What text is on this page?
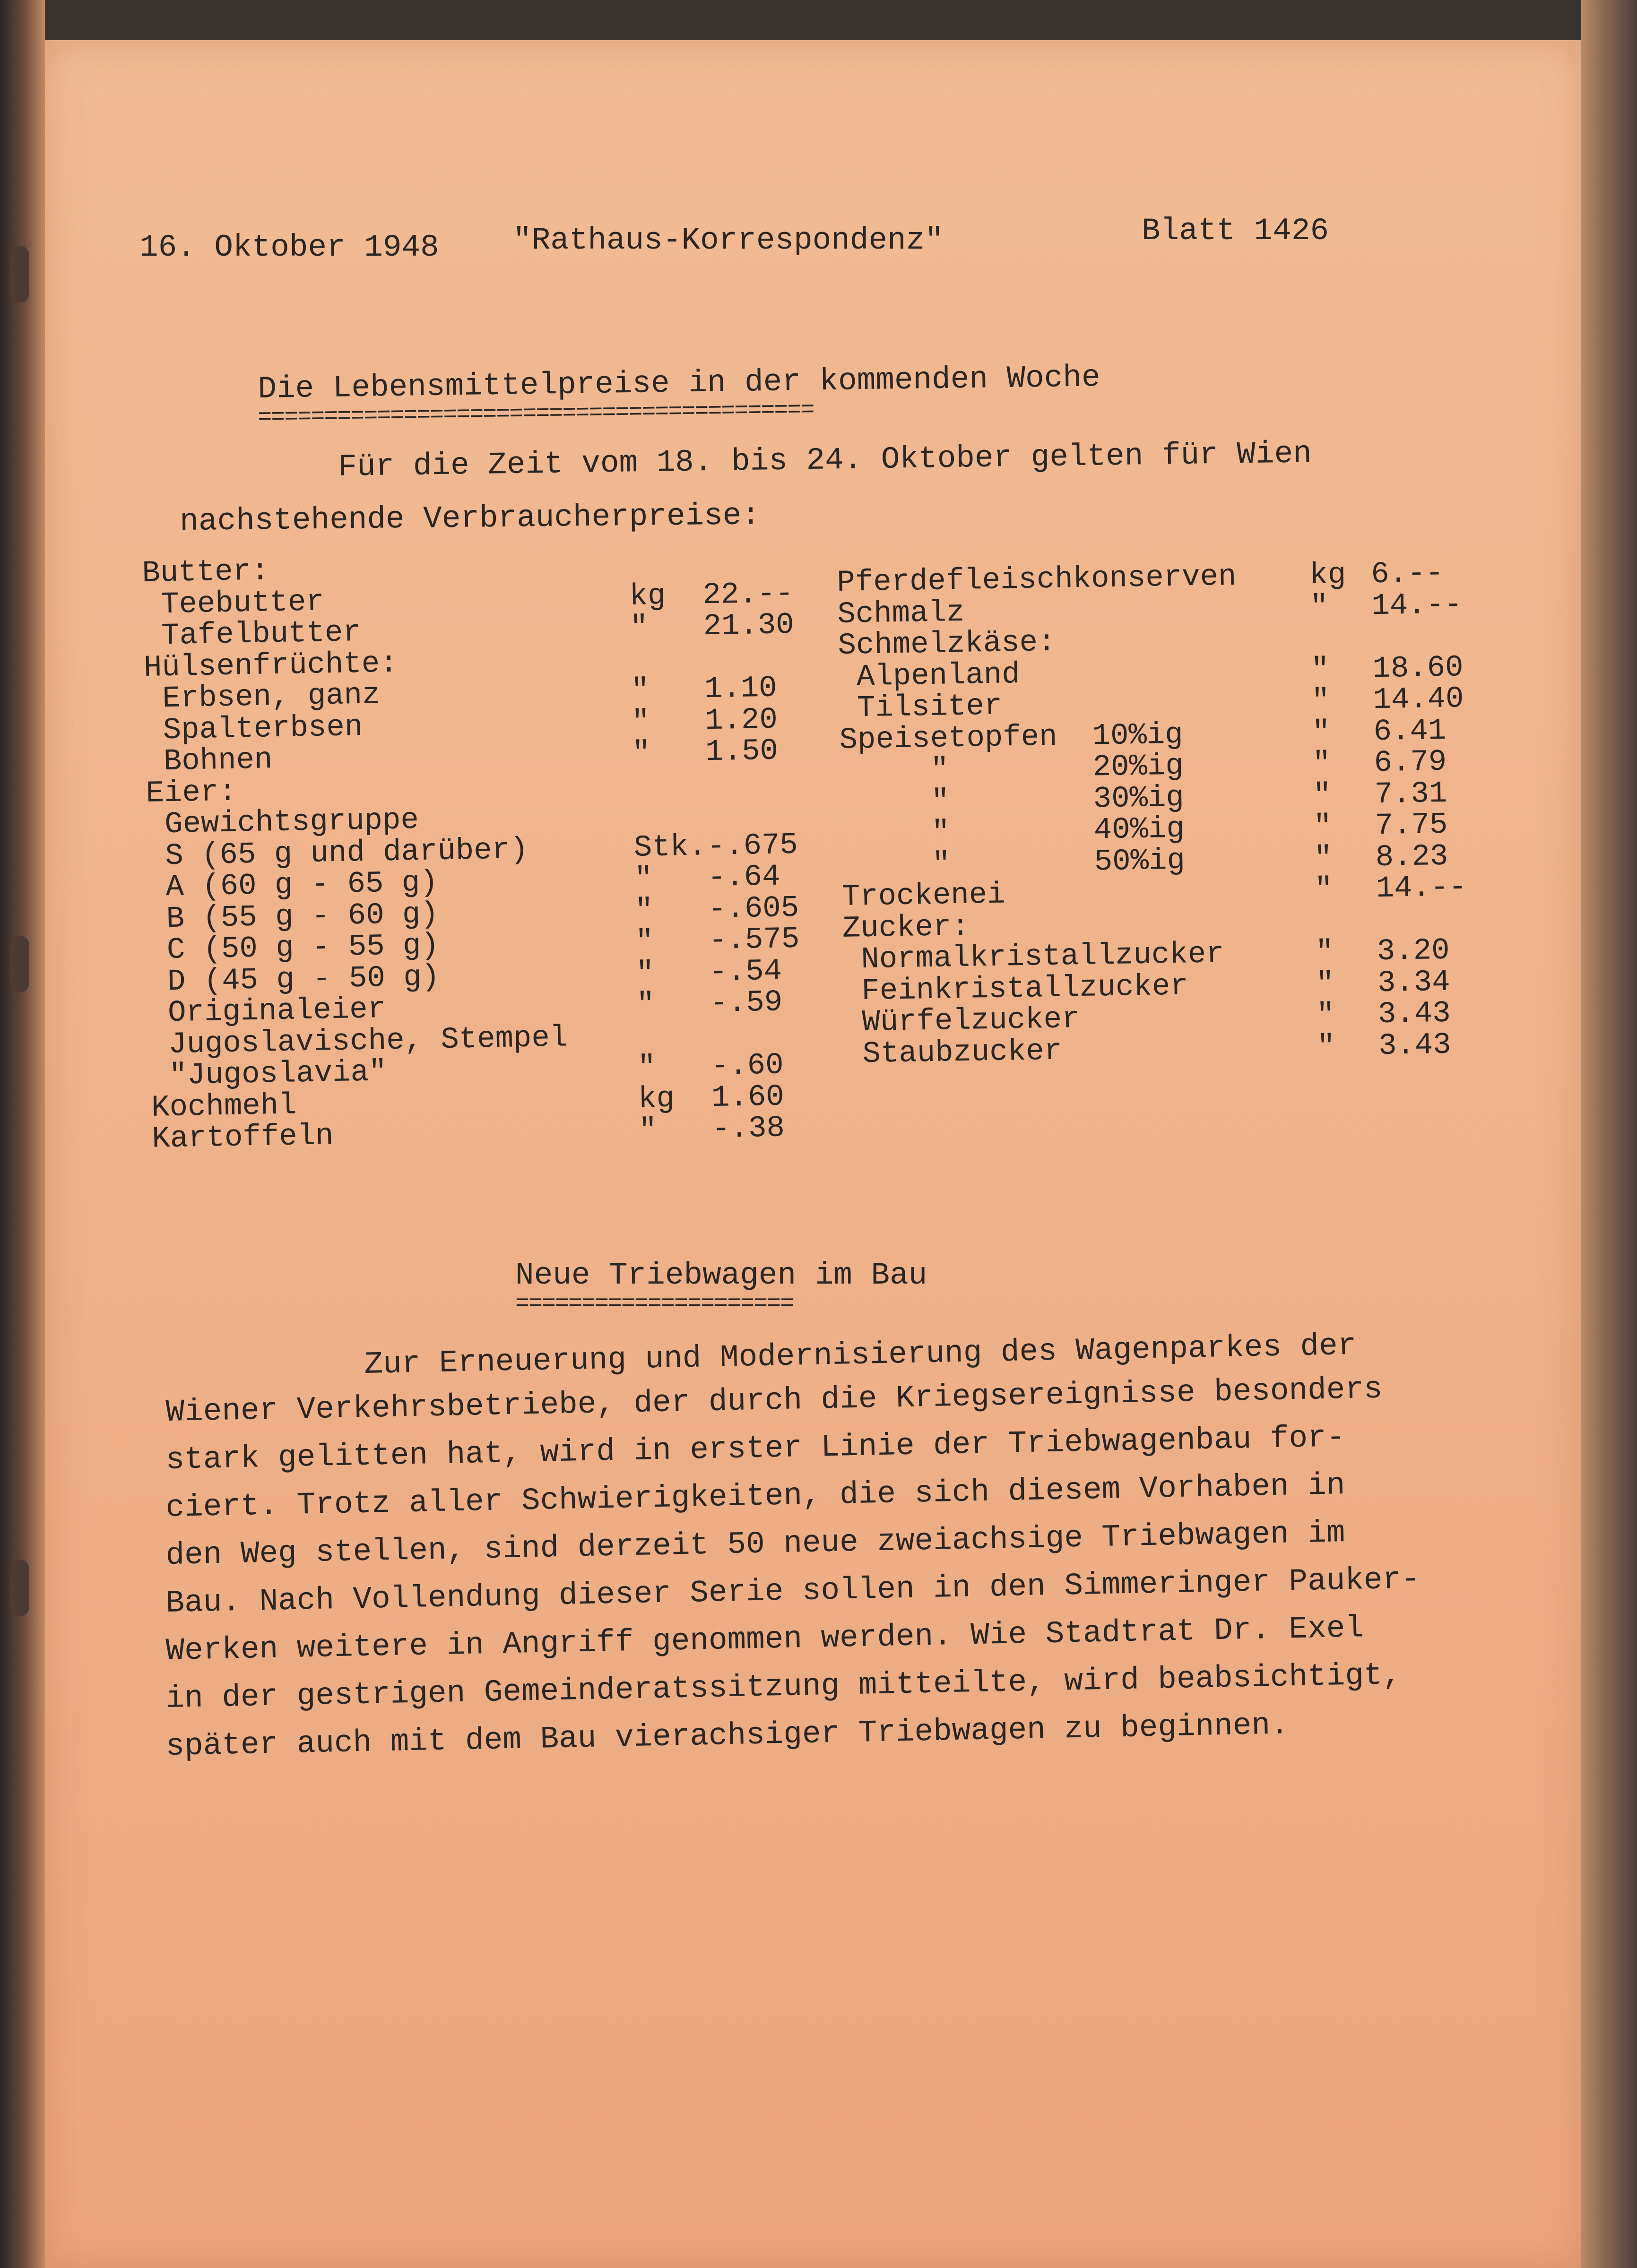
16. Oktober 1948 "Rathaus-Korrespondenz"	Blatt 1426
Die Lebensmittelpreise in der kommenden Woche
==========================================
Für die Zeit vom 18. bis 24. Oktober gelten für Wien
nachstehende Verbraucherpreise:
Butter:
Teebutter	kg 22.--
Tafelbutter	" 21.30
Hülsenfrüchte:
Erbsen, ganz	" 1.10
Spalterbsen	" 1.20
Bohnen	" 1.50
Eier:
Gewichtsgruppe
S (65 g und darüber)	Stk. -.675
A (60 g - 65 g)	" -.64
B (55 g - 60 g)	" -.605
C (50 g - 55 g)	" -.575
D (45 g - 50 g)	" -.54
Originaleier	" -.59
Jugoslavische, Stempel
"Jugoslavia"	" -.60
Kochmehl	kg 1.60
Kartoffeln	" -.38
Pferdefleischkonserven kg 6.--
Schmalz	" 14.--
Schmelzkäse:
Alpenland	" 18.60
Tilsiter	" 14.40
Speisetopfen 10%ig	" 6.41
"	20%ig	" 6.79
"	30%ig	" 7.31
"	40%ig	" 7.75
"	50%ig	" 8.23
Trockenei	" 14.--
Zucker:
Normalkristallzucker	" 3.20
Feinkristallzucker	" 3.34
Würfelzucker	" 3.43
Staubzucker	" 3.43
Neue Triebwagen im Bau
=====================
Zur Erneuerung und Modernisierung des Wagenparkes der
Wiener Verkehrsbetriebe, der durch die Kriegsereignisse besonders
stark gelitten hat, wird in erster Linie der Triebwagenbau for-
ciert. Trotz aller Schwierigkeiten, die sich diesem Vorhaben in
den Weg stellen, sind derzeit 50 neue zweiachsige Triebwagen im
Bau. Nach Vollendung dieser Serie sollen in den Simmeringer Pauker-
Werken weitere in Angriff genommen werden. Wie Stadtrat Dr. Exel
in der gestrigen Gemeinderatssitzung mitteilte, wird beabsichtigt,
später auch mit dem Bau vierachsiger Triebwagen zu beginnen.
